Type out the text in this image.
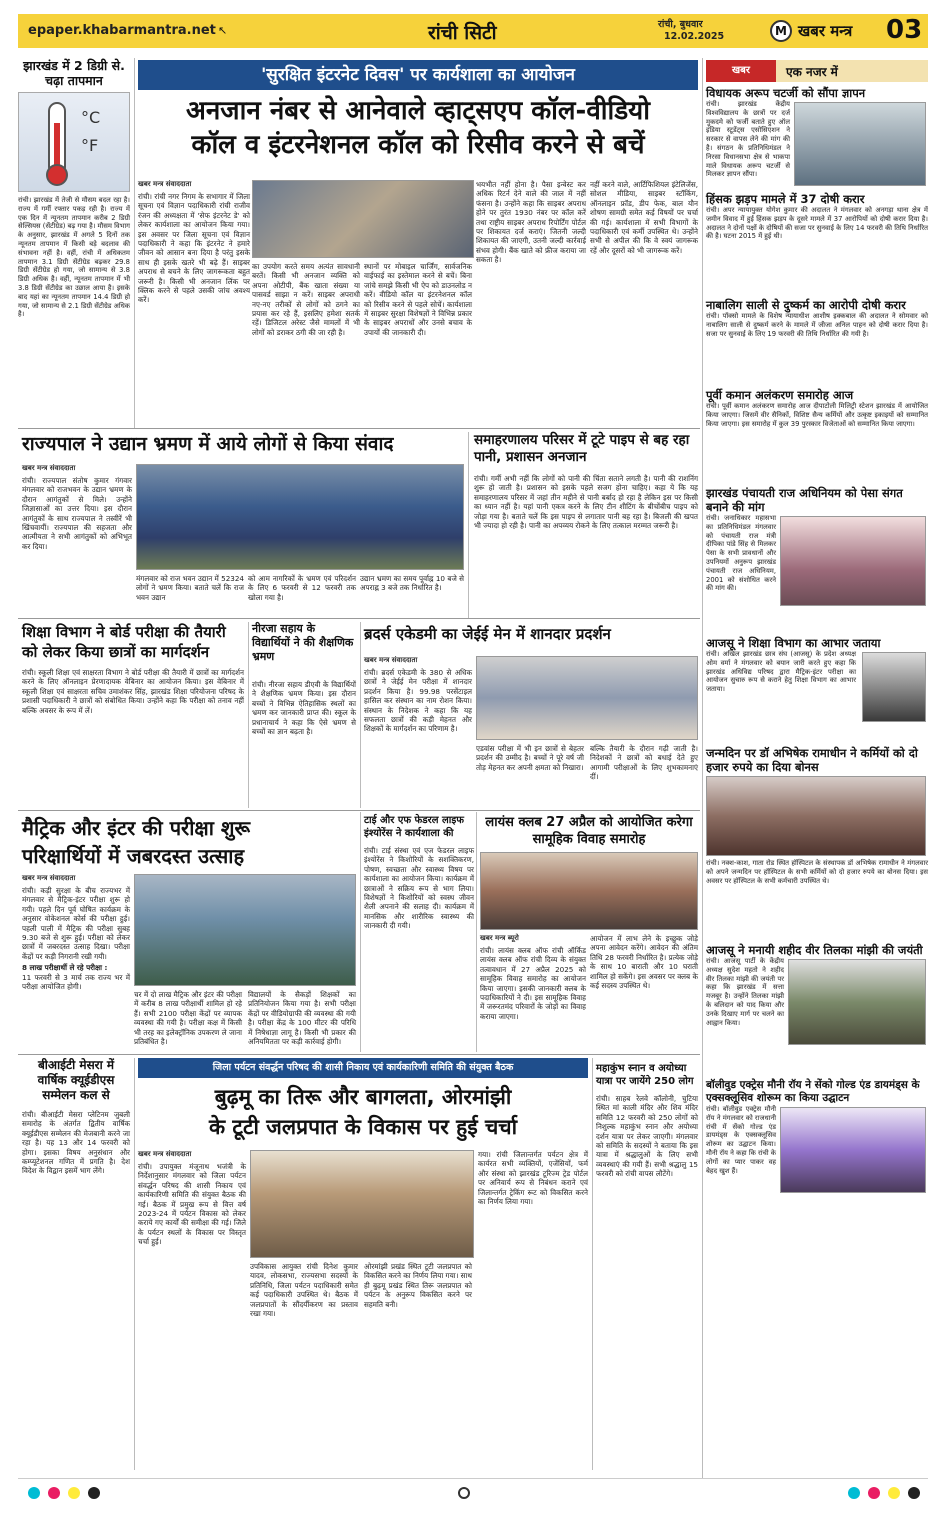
epaper.khabarmantra.net ↖	रांची सिटी	रांची, बुधवार
12.02.2025	M खबर मन्त्र 03
झारखंड में 2 डिग्री से. चढ़ा तापमान
°C
°F
रांची। झारखंड में तेजी से मौसम बदल रहा है। राज्य में गर्मी रफ्तार पकड़ रही है। राज्य में एक दिन में न्यूनतम तापमान करीब 2 डिग्री सेल्सियस (सेंटीग्रेड) बढ़ गया है। मौसम विभाग के अनुसार, झारखंड में अगले 5 दिनों तक न्यूनतम तापमान में किसी बड़े बदलाव की संभावना नहीं है। वहीं, रांची में अधिकतम तापमान 3.1 डिग्री सेंटीग्रेड बढ़कर 29.8 डिग्री सेंटीग्रेड हो गया, जो सामान्य से 3.8 डिग्री अधिक है। वहीं, न्यूनतम तापमान में भी 3.8 डिग्री सेंटीग्रेड का उछाल आया है। इसके बाद यहां का न्यूनतम तापमान 14.4 डिग्री हो गया, जो सामान्य से 2.1 डिग्री सेंटीग्रेड अधिक है।
'सुरक्षित इंटरनेट दिवस' पर कार्यशाला का आयोजन
अनजान नंबर से आनेवाले व्हाट्सएप कॉल-वीडियो
कॉल व इंटरनेशनल कॉल को रिसीव करने से बचें
खबर मन्त्र संवाददाता
रांची। रांची नगर निगम के सभागार में जिला सूचना एवं विज्ञान पदाधिकारी रांची राजीव रंजन की अध्यक्षता में 'सेफ इंटरनेट डे' को लेकर कार्यशाला का आयोजन किया गया। इस अवसर पर जिला सूचना एवं विज्ञान पदाधिकारी ने कहा कि इंटरनेट ने हमारे जीवन को आसान बना दिया है परंतु इसके साथ ही इसके खतरे भी बढ़े हैं। साइबर अपराध से बचने के लिए जागरूकता बहुत जरूरी है। किसी भी अनजान लिंक पर क्लिक करने से पहले उसकी जांच अवश्य करें।
का उपयोग करते समय अत्यंत सावधानी बरतें। किसी भी अनजान व्यक्ति को अपना ओटीपी, बैंक खाता संख्या या पासवर्ड साझा न करें। साइबर अपराधी नए-नए तरीकों से लोगों को ठगने का प्रयास कर रहे हैं, इसलिए हमेशा सतर्क रहें। डिजिटल अरेस्ट जैसे मामलों में भी लोगों को डराकर ठगी की जा रही है।
स्थानों पर मोबाइल चार्जिंग, सार्वजनिक वाईफाई का इस्तेमाल करने से बचें। बिना जांचे समझे किसी भी ऐप को डाउनलोड न करें। वीडियो कॉल या इंटरनेशनल कॉल को रिसीव करने से पहले सोचें। कार्यशाला में साइबर सुरक्षा विशेषज्ञों ने विभिन्न प्रकार के साइबर अपराधों और उनसे बचाव के उपायों की जानकारी दी।
भयभीत नहीं होना है। पैसा इन्वेस्ट कर अधिक रिटर्न देने वाले की जाल में नहीं फंसना है। उन्होंने कहा कि साइबर अपराध होने पर तुरंत 1930 नंबर पर कॉल करें तथा राष्ट्रीय साइबर अपराध रिपोर्टिंग पोर्टल पर शिकायत दर्ज कराएं। जितनी जल्दी शिकायत की जाएगी, उतनी जल्दी कार्रवाई संभव होगी। बैंक खाते को फ्रीज कराया जा सकता है।
नहीं करने वाले, आर्टिफिशियल इंटेलिजेंस, सोशल मीडिया, साइबर स्टॉकिंग, ऑनलाइन फ्रॉड, डीप फेक, बाल यौन शोषण सामग्री समेत कई विषयों पर चर्चा की गई। कार्यशाला में सभी विभागों के पदाधिकारी एवं कर्मी उपस्थित थे। उन्होंने सभी से अपील की कि वे स्वयं जागरूक रहें और दूसरों को भी जागरूक करें।
राज्यपाल ने उद्यान भ्रमण में आये लोगों से किया संवाद
खबर मन्त्र संवाददाता
रांची। राज्यपाल संतोष कुमार गंगवार मंगलवार को राजभवन के उद्यान भ्रमण के दौरान आगंतुकों से मिले। उन्होंने जिज्ञासाओं का उत्तर दिया। इस दौरान आगंतुकों के साथ राज्यपाल ने तस्वीरें भी खिंचवायीं। राज्यपाल की सहजता और आत्मीयता ने सभी आगंतुकों को अभिभूत कर दिया।
मंगलवार को राज भवन उद्यान में 52324 लोगों ने भ्रमण किया। बताते चलें कि राज भवन उद्यान
को आम नागरिकों के भ्रमण एवं परिदर्शन के लिए 6 फरवरी से 12 फरवरी तक खोला गया है।
उद्यान भ्रमण का समय पूर्वाह्न 10 बजे से अपराह्न 3 बजे तक निर्धारित है।
समाहरणालय परिसर में टूटे पाइप से बह रहा पानी, प्रशासन अनजान
रांची। गर्मी अभी नहीं कि लोगों को पानी की चिंता सताने लगती है। पानी की राशनिंग शुरू हो जाती है। प्रशासन को इसके पहले सजग होना चाहिए। कहा ये कि यह समाहरणालय परिसर में जहां तीन महीने से पानी बर्बाद हो रहा है लेकिन इस पर किसी का ध्यान नहीं है। यहां पानी एकत्र करने के लिए टीन शीटिंग के बीचोंबीच पाइप को जोड़ा गया है। बताते चलें कि इस पाइप से लगातार पानी बह रहा है। बिजली की खपत भी ज्यादा हो रही है। पानी का अपव्यय रोकने के लिए तत्काल मरम्मत जरूरी है।
शिक्षा विभाग ने बोर्ड परीक्षा की तैयारी को लेकर किया छात्रों का मार्गदर्शन
रांची। स्कूली शिक्षा एवं साक्षरता विभाग ने बोर्ड परीक्षा की तैयारी में छात्रों का मार्गदर्शन करने के लिए ऑनलाइन प्रेरणादायक वेबिनार का आयोजन किया। इस वेबिनार में स्कूली शिक्षा एवं साक्षरता सचिव उमाशंकर सिंह, झारखंड शिक्षा परियोजना परिषद के प्रशासी पदाधिकारी ने छात्रों को संबोधित किया। उन्होंने कहा कि परीक्षा को तनाव नहीं बल्कि अवसर के रूप में लें।
नीरजा सहाय के विद्यार्थियों ने की शैक्षणिक भ्रमण
रांची। नीरजा सहाय डीएवी के विद्यार्थियों ने शैक्षणिक भ्रमण किया। इस दौरान बच्चों ने विभिन्न ऐतिहासिक स्थलों का भ्रमण कर जानकारी प्राप्त की। स्कूल के प्रधानाचार्य ने कहा कि ऐसे भ्रमण से बच्चों का ज्ञान बढ़ता है।
ब्रदर्स एकेडमी का जेईई मेन में शानदार प्रदर्शन
खबर मन्त्र संवाददाता
रांची। ब्रदर्स एकेडमी के 380 से अधिक छात्रों ने जेईई मेन परीक्षा में शानदार प्रदर्शन किया है। 99.98 परसेंटाइल हासिल कर संस्थान का नाम रोशन किया। संस्थान के निदेशक ने कहा कि यह सफलता छात्रों की कड़ी मेहनत और शिक्षकों के मार्गदर्शन का परिणाम है।
एडवांस परीक्षा में भी इन छात्रों से बेहतर प्रदर्शन की उम्मीद है। बच्चों ने पूरे वर्ष जी तोड़ मेहनत कर अपनी क्षमता को निखारा।
बल्कि तैयारी के दौरान गढ़ी जाती है। निदेशकों ने छात्रों को बधाई देते हुए आगामी परीक्षाओं के लिए शुभकामनाएं दीं।
मैट्रिक और इंटर की परीक्षा शुरू
परिक्षार्थियों में जबरदस्त उत्साह
खबर मन्त्र संवाददाता
रांची। कड़ी सुरक्षा के बीच राज्यभर में मंगलवार से मैट्रिक-इंटर परीक्षा शुरू हो गयी। पहले दिन पूर्व घोषित कार्यक्रम के अनुसार वोकेशनल कोर्स की परीक्षा हुई। पहली पाली में मैट्रिक की परीक्षा सुबह 9.30 बजे से शुरू हुई। परीक्षा को लेकर छात्रों में जबरदस्त उत्साह दिखा। परीक्षा केंद्रों पर कड़ी निगरानी रखी गयी।
8 लाख परीक्षार्थी ले रहे परीक्षा :
11 फरवरी से 3 मार्च तक राज्य भर में परीक्षा आयोजित होगी।
चर में दो लाख मैट्रिक और इंटर की परीक्षा में करीब 8 लाख परीक्षार्थी शामिल हो रहे हैं। सभी 2100 परीक्षा केंद्रों पर व्यापक व्यवस्था की गयी है। परीक्षा कक्ष में किसी भी तरह का इलेक्ट्रॉनिक उपकरण ले जाना प्रतिबंधित है।
विद्यालयों के सैकड़ों शिक्षकों का प्रतिनियोजन किया गया है। सभी परीक्षा केंद्रों पर वीडियोग्राफी की व्यवस्था की गयी है। परीक्षा केंद्र के 100 मीटर की परिधि में निषेधाज्ञा लागू है। किसी भी प्रकार की अनियमितता पर कड़ी कार्रवाई होगी।
टाई और एफ फेडरल लाइफ इंश्योरेंस ने कार्यशाला की
रांची। टाई संस्था एवं एज फेडरल लाइफ इंश्योरेंस ने किशोरियों के सशक्तिकरण, पोषण, स्वच्छता और स्वास्थ्य विषय पर कार्यशाला का आयोजन किया। कार्यक्रम में छात्राओं ने सक्रिय रूप से भाग लिया। विशेषज्ञों ने किशोरियों को स्वस्थ जीवन शैली अपनाने की सलाह दी। कार्यक्रम में मानसिक और शारीरिक स्वास्थ्य की जानकारी दी गयी।
लायंस क्लब 27 अप्रैल को आयोजित करेगा सामूहिक विवाह समारोह
खबर मन्त्र ब्यूरो
रांची। लायंस क्लब ऑफ रांची ऑर्किड लायंस क्लब ऑफ रांची दिव्य के संयुक्त तत्वावधान में 27 अप्रैल 2025 को सामूहिक विवाह समारोह का आयोजन किया जाएगा। इसकी जानकारी क्लब के पदाधिकारियों ने दी। इस सामूहिक विवाह में जरूरतमंद परिवारों के जोड़ों का विवाह कराया जाएगा।
आयोजन में लाभ लेने के इच्छुक जोड़े अपना आवेदन करेंगे। आवेदन की अंतिम तिथि 28 फरवरी निर्धारित है। प्रत्येक जोड़े के साथ 10 बाराती और 10 घराती शामिल हो सकेंगे। इस अवसर पर क्लब के कई सदस्य उपस्थित थे।
बीआईटी मेसरा में वार्षिक क्यूईडीएस सम्मेलन कल से
रांची। बीआईटी मेसरा प्लेटिनम जुबली समारोह के अंतर्गत द्वितीय वार्षिक क्यूईडीएस सम्मेलन की मेजबानी करने जा रहा है। यह 13 और 14 फरवरी को होगा। इसका विषय अनुसंधान और कम्प्यूटेशनल गणित में प्रगति है। देश विदेश के विद्वान इसमें भाग लेंगे।
जिला पर्यटन संवर्द्धन परिषद की शासी निकाय एवं कार्यकारिणी समिति की संयुक्त बैठक
बुढ़मू का तिरू और बागलता, ओरमांझी
के टूटी जलप्रपात के विकास पर हुई चर्चा
खबर मन्त्र संवाददाता
रांची। उपायुक्त मंजूनाथ भजंत्री के निर्देशानुसार मंगलवार को जिला पर्यटन संवर्द्धन परिषद की शासी निकाय एवं कार्यकारिणी समिति की संयुक्त बैठक की गई। बैठक में प्रमुख रूप से वित्त वर्ष 2023-24 में पर्यटन विकास को लेकर कराये गए कार्यों की समीक्षा की गई। जिले के पर्यटन स्थलों के विकास पर विस्तृत चर्चा हुई।
उपविकास आयुक्त रांची दिनेश कुमार यादव, लोकसभा, राज्यसभा सदस्यों के प्रतिनिधि, जिला पर्यटन पदाधिकारी समेत कई पदाधिकारी उपस्थित थे। बैठक में जलप्रपातों के सौंदर्यीकरण का प्रस्ताव रखा गया।
ओरमांझी प्रखंड स्थित टूटी जलप्रपात को विकसित करने का निर्णय लिया गया। साथ ही बुढ़मू प्रखंड स्थित तिरू जलप्रपात को पर्यटन के अनुरूप विकसित करने पर सहमति बनी।
गया। रांची जिलान्तर्गत पर्यटन क्षेत्र में कार्यरत सभी व्यक्तियों, एजेंसियों, फर्म और संस्था को झारखंड टूरिज्म ट्रेड पोर्टल पर अनिवार्य रूप से निबंधन कराने एवं जिलान्तर्गत ट्रेकिंग रूट को विकसित करने का निर्णय लिया गया।
महाकुंभ स्नान व अयोध्या यात्रा पर जायेंगे 250 लोग
रांची। साहब रेलवे कॉलोनी, चुटिया स्थित मां काली मंदिर और शिव मंदिर समिति 12 फरवरी को 250 लोगों को निशुल्क महाकुंभ स्नान और अयोध्या दर्शन यात्रा पर लेकर जाएगी। मंगलवार को समिति के सदस्यों ने बताया कि इस यात्रा में श्रद्धालुओं के लिए सभी व्यवस्थाएं की गयी हैं। सभी श्रद्धालु 15 फरवरी को रांची वापस लौटेंगे।
खबर	एक नजर में
विधायक अरूप चटर्जी को सौंपा ज्ञापन
रांची। झारखंड केंद्रीय विश्वविद्यालय के छात्रों पर दर्ज मुकदमे को फर्जी बताते हुए ऑल इंडिया स्टूडेंट्स एसोसिएशन ने सरकार से वापस लेने की मांग की है। संगठन के प्रतिनिधिमंडल ने निरसा विधानसभा क्षेत्र से भाकपा माले विधायक अरूप चटर्जी से मिलकर ज्ञापन सौंपा।
हिंसक झड़प मामले में 37 दोषी करार
रांची। अपर न्यायायुक्त योगेश कुमार की अदालत ने मंगलवार को अनगड़ा थाना क्षेत्र में जमीन विवाद में हुई हिंसक झड़प के दूसरे मामले में 37 आरोपियों को दोषी करार दिया है। अदालत ने दोनों पक्षों के दोषियों की सजा पर सुनवाई के लिए 14 फरवरी की तिथि निर्धारित की है। घटना 2015 में हुई थी।
नाबालिग साली से दुष्कर्म का आरोपी दोषी करार
रांची। पॉक्सो मामले के विशेष न्यायाधीश आशीष इक्कबाल की अदालत ने सोमवार को नाबालिग साली से दुष्कर्म करने के मामले में जीजा अनिल पाहन को दोषी करार दिया है। सजा पर सुनवाई के लिए 19 फरवरी की तिथि निर्धारित की गयी है।
पूर्वी कमान अलंकरण समारोह आज
रांची। पूर्वी कमान अलंकरण समारोह आज दीपाटोली मिलिट्री स्टेशन झारखंड में आयोजित किया जाएगा। जिसमें वीर सैनिकों, विशिष्ट सैन्य कर्मियों और उत्कृष्ट इकाइयों को सम्मानित किया जाएगा। इस समारोह में कुल 39 पुरस्कार विजेताओं को सम्मानित किया जाएगा।
झारखंड पंचायती राज अधिनियम को पेसा संगत बनाने की मांग
रांची। जनाधिकार महासभा का प्रतिनिधिमंडल मंगलवार को पंचायती राज मंत्री दीपिका पांडे सिंह से मिलकर पेसा के सभी प्रावधानों और उपनियमों अनुरूप झारखंड पंचायती राज अधिनियम, 2001 को संशोधित करने की मांग की।
आजसू ने शिक्षा विभाग का आभार जताया
रांची। अखिल झारखंड छात्र संघ (आजसू) के प्रदेश अध्यक्ष ओम वर्मा ने मंगलवार को बयान जारी करते हुए कहा कि झारखंड अधिविद्य परिषद द्वारा मैट्रिक-इंटर परीक्षा का आयोजन सुचारु रूप से कराने हेतु शिक्षा विभाग का आभार जताया।
जन्मदिन पर डॉ अभिषेक रामाधीन ने कर्मियों को दो हजार रुपये का दिया बोनस
रांची। नक्श-काश, गाता रोड स्थित हॉस्पिटल के संस्थापक डॉ अभिषेक रामाधीन ने मंगलवार को अपने जन्मदिन पर हॉस्पिटल के सभी कर्मियों को दो हजार रुपये का बोनस दिया। इस अवसर पर हॉस्पिटल के सभी कर्मचारी उपस्थित थे।
आजसू ने मनायी शहीद वीर तिलका मांझी की जयंती
रांची। आजसू पार्टी के केंद्रीय अध्यक्ष सुदेश महतो ने शहीद वीर तिलका मांझी की जयंती पर कहा कि झारखंड में सत्ता मजबूर है। उन्होंने तिलका मांझी के बलिदान को याद किया और उनके दिखाए मार्ग पर चलने का आह्वान किया।
बॉलीवुड एक्ट्रेस मौनी रॉय ने सेंको गोल्ड एंड डायमंड्स के एक्सक्लूसिव शोरूम का किया उद्घाटन
रांची। बॉलीवुड एक्ट्रेस मौनी रॉय ने मंगलवार को राजधानी रांची में सेंको गोल्ड एंड डायमंड्स के एक्सक्लूसिव शोरूम का उद्घाटन किया। मौनी रॉय ने कहा कि रांची के लोगों का प्यार पाकर वह बेहद खुश हैं।
